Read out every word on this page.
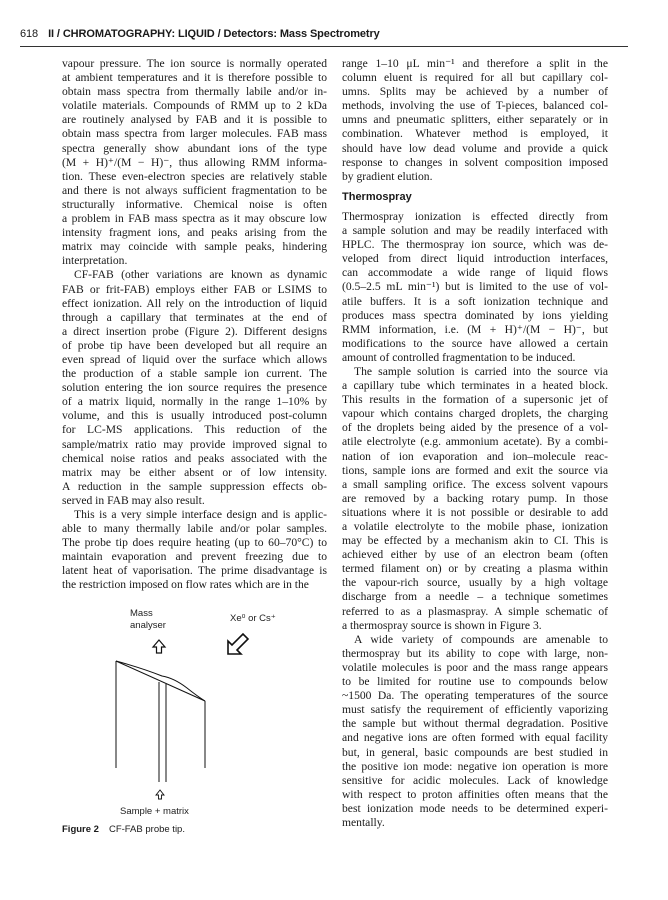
618 II / CHROMATOGRAPHY: LIQUID / Detectors: Mass Spectrometry
vapour pressure. The ion source is normally operated
at ambient temperatures and it is therefore possible to
obtain mass spectra from thermally labile and/or in-
volatile materials. Compounds of RMM up to 2 kDa
are routinely analysed by FAB and it is possible to
obtain mass spectra from larger molecules. FAB mass
spectra generally show abundant ions of the type
(M + H)⁺/(M − H)⁻, thus allowing RMM informa-
tion. These even-electron species are relatively stable
and there is not always sufficient fragmentation to be
structurally informative. Chemical noise is often
a problem in FAB mass spectra as it may obscure low
intensity fragment ions, and peaks arising from the
matrix may coincide with sample peaks, hindering
interpretation.
CF-FAB (other variations are known as dynamic
FAB or frit-FAB) employs either FAB or LSIMS to
effect ionization. All rely on the introduction of liquid
through a capillary that terminates at the end of
a direct insertion probe (Figure 2). Different designs
of probe tip have been developed but all require an
even spread of liquid over the surface which allows
the production of a stable sample ion current. The
solution entering the ion source requires the presence
of a matrix liquid, normally in the range 1–10% by
volume, and this is usually introduced post-column
for LC-MS applications. This reduction of the
sample/matrix ratio may provide improved signal to
chemical noise ratios and peaks associated with the
matrix may be either absent or of low intensity.
A reduction in the sample suppression effects ob-
served in FAB may also result.
This is a very simple interface design and is applic-
able to many thermally labile and/or polar samples.
The probe tip does require heating (up to 60–70°C) to
maintain evaporation and prevent freezing due to
latent heat of vaporisation. The prime disadvantage is
the restriction imposed on flow rates which are in the
range 1–10 μL min⁻¹ and therefore a split in the
column eluent is required for all but capillary col-
umns. Splits may be achieved by a number of
methods, involving the use of T-pieces, balanced col-
umns and pneumatic splitters, either separately or in
combination. Whatever method is employed, it
should have low dead volume and provide a quick
response to changes in solvent composition imposed
by gradient elution.
Thermospray
Thermospray ionization is effected directly from
a sample solution and may be readily interfaced with
HPLC. The thermospray ion source, which was de-
veloped from direct liquid introduction interfaces,
can accommodate a wide range of liquid flows
(0.5–2.5 mL min⁻¹) but is limited to the use of vol-
atile buffers. It is a soft ionization technique and
produces mass spectra dominated by ions yielding
RMM information, i.e. (M + H)⁺/(M − H)⁻, but
modifications to the source have allowed a certain
amount of controlled fragmentation to be induced.
The sample solution is carried into the source via
a capillary tube which terminates in a heated block.
This results in the formation of a supersonic jet of
vapour which contains charged droplets, the charging
of the droplets being aided by the presence of a vol-
atile electrolyte (e.g. ammonium acetate). By a combi-
nation of ion evaporation and ion–molecule reac-
tions, sample ions are formed and exit the source via
a small sampling orifice. The excess solvent vapours
are removed by a backing rotary pump. In those
situations where it is not possible or desirable to add
a volatile electrolyte to the mobile phase, ionization
may be effected by a mechanism akin to CI. This is
achieved either by use of an electron beam (often
termed filament on) or by creating a plasma within
the vapour-rich source, usually by a high voltage
discharge from a needle – a technique sometimes
referred to as a plasmaspray. A simple schematic of
a thermospray source is shown in Figure 3.
A wide variety of compounds are amenable to
thermospray but its ability to cope with large, non-
volatile molecules is poor and the mass range appears
to be limited for routine use to compounds below
~1500 Da. The operating temperatures of the source
must satisfy the requirement of efficiently vaporizing
the sample but without thermal degradation. Positive
and negative ions are often formed with equal facility
but, in general, basic compounds are best studied in
the positive ion mode: negative ion operation is more
sensitive for acidic molecules. Lack of knowledge
with respect to proton affinities often means that the
best ionization mode needs to be determined experi-
mentally.
Mass
analyser
Xe⁰ or Cs⁺
Sample + matrix
Figure 2 CF-FAB probe tip.
